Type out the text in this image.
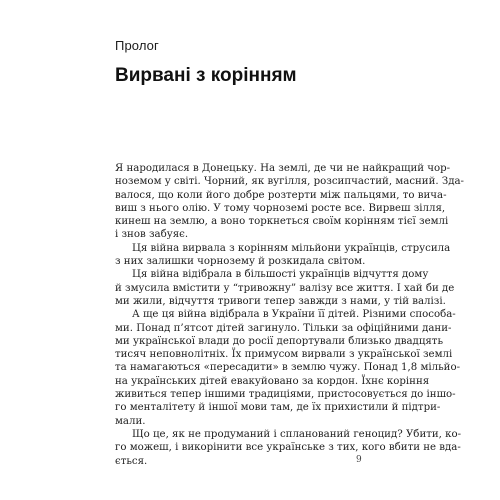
Пролог
Вирвані з корінням
Я народилася в Донецьку. На землі, де чи не найкращий чор-
ноземом у світі. Чорний, як вугілля, розсипчастий, масний. Зда-
валося, що коли його добре розтерти між пальцями, то вича-
виш з нього олію. У тому чорноземі росте все. Вирвеш зілля,
кинеш на землю, а воно торкнеться своїм корінням тієї землі
і знов забуяє.
Ця війна вирвала з корінням мільйони українців, струсила
з них залишки чорнозему й розкидала світом.
Ця війна відібрала в більшості українців відчуття дому
й змусила вмістити у “тривожну” валізу все життя. І хай би де
ми жили, відчуття тривоги тепер завжди з нами, у тій валізі.
А ще ця війна відібрала в України її дітей. Різними способа-
ми. Понад п’ятсот дітей загинуло. Тільки за офіційними дани-
ми української влади до росії депортували близько двадцять
тисяч неповнолітніх. Їх примусом вирвали з української землі
та намагаються «пересадити» в землю чужу. Понад 1,8 мільйо-
на українських дітей евакуйовано за кордон. Їхнє коріння
живиться тепер іншими традиціями, пристосовується до іншо-
го менталітету й іншої мови там, де їх прихистили й підтри-
мали.
Що це, як не продуманий і спланований геноцид? Убити, ко-
го можеш, і викорінити все українське з тих, кого вбити не вда-
ється.	9
